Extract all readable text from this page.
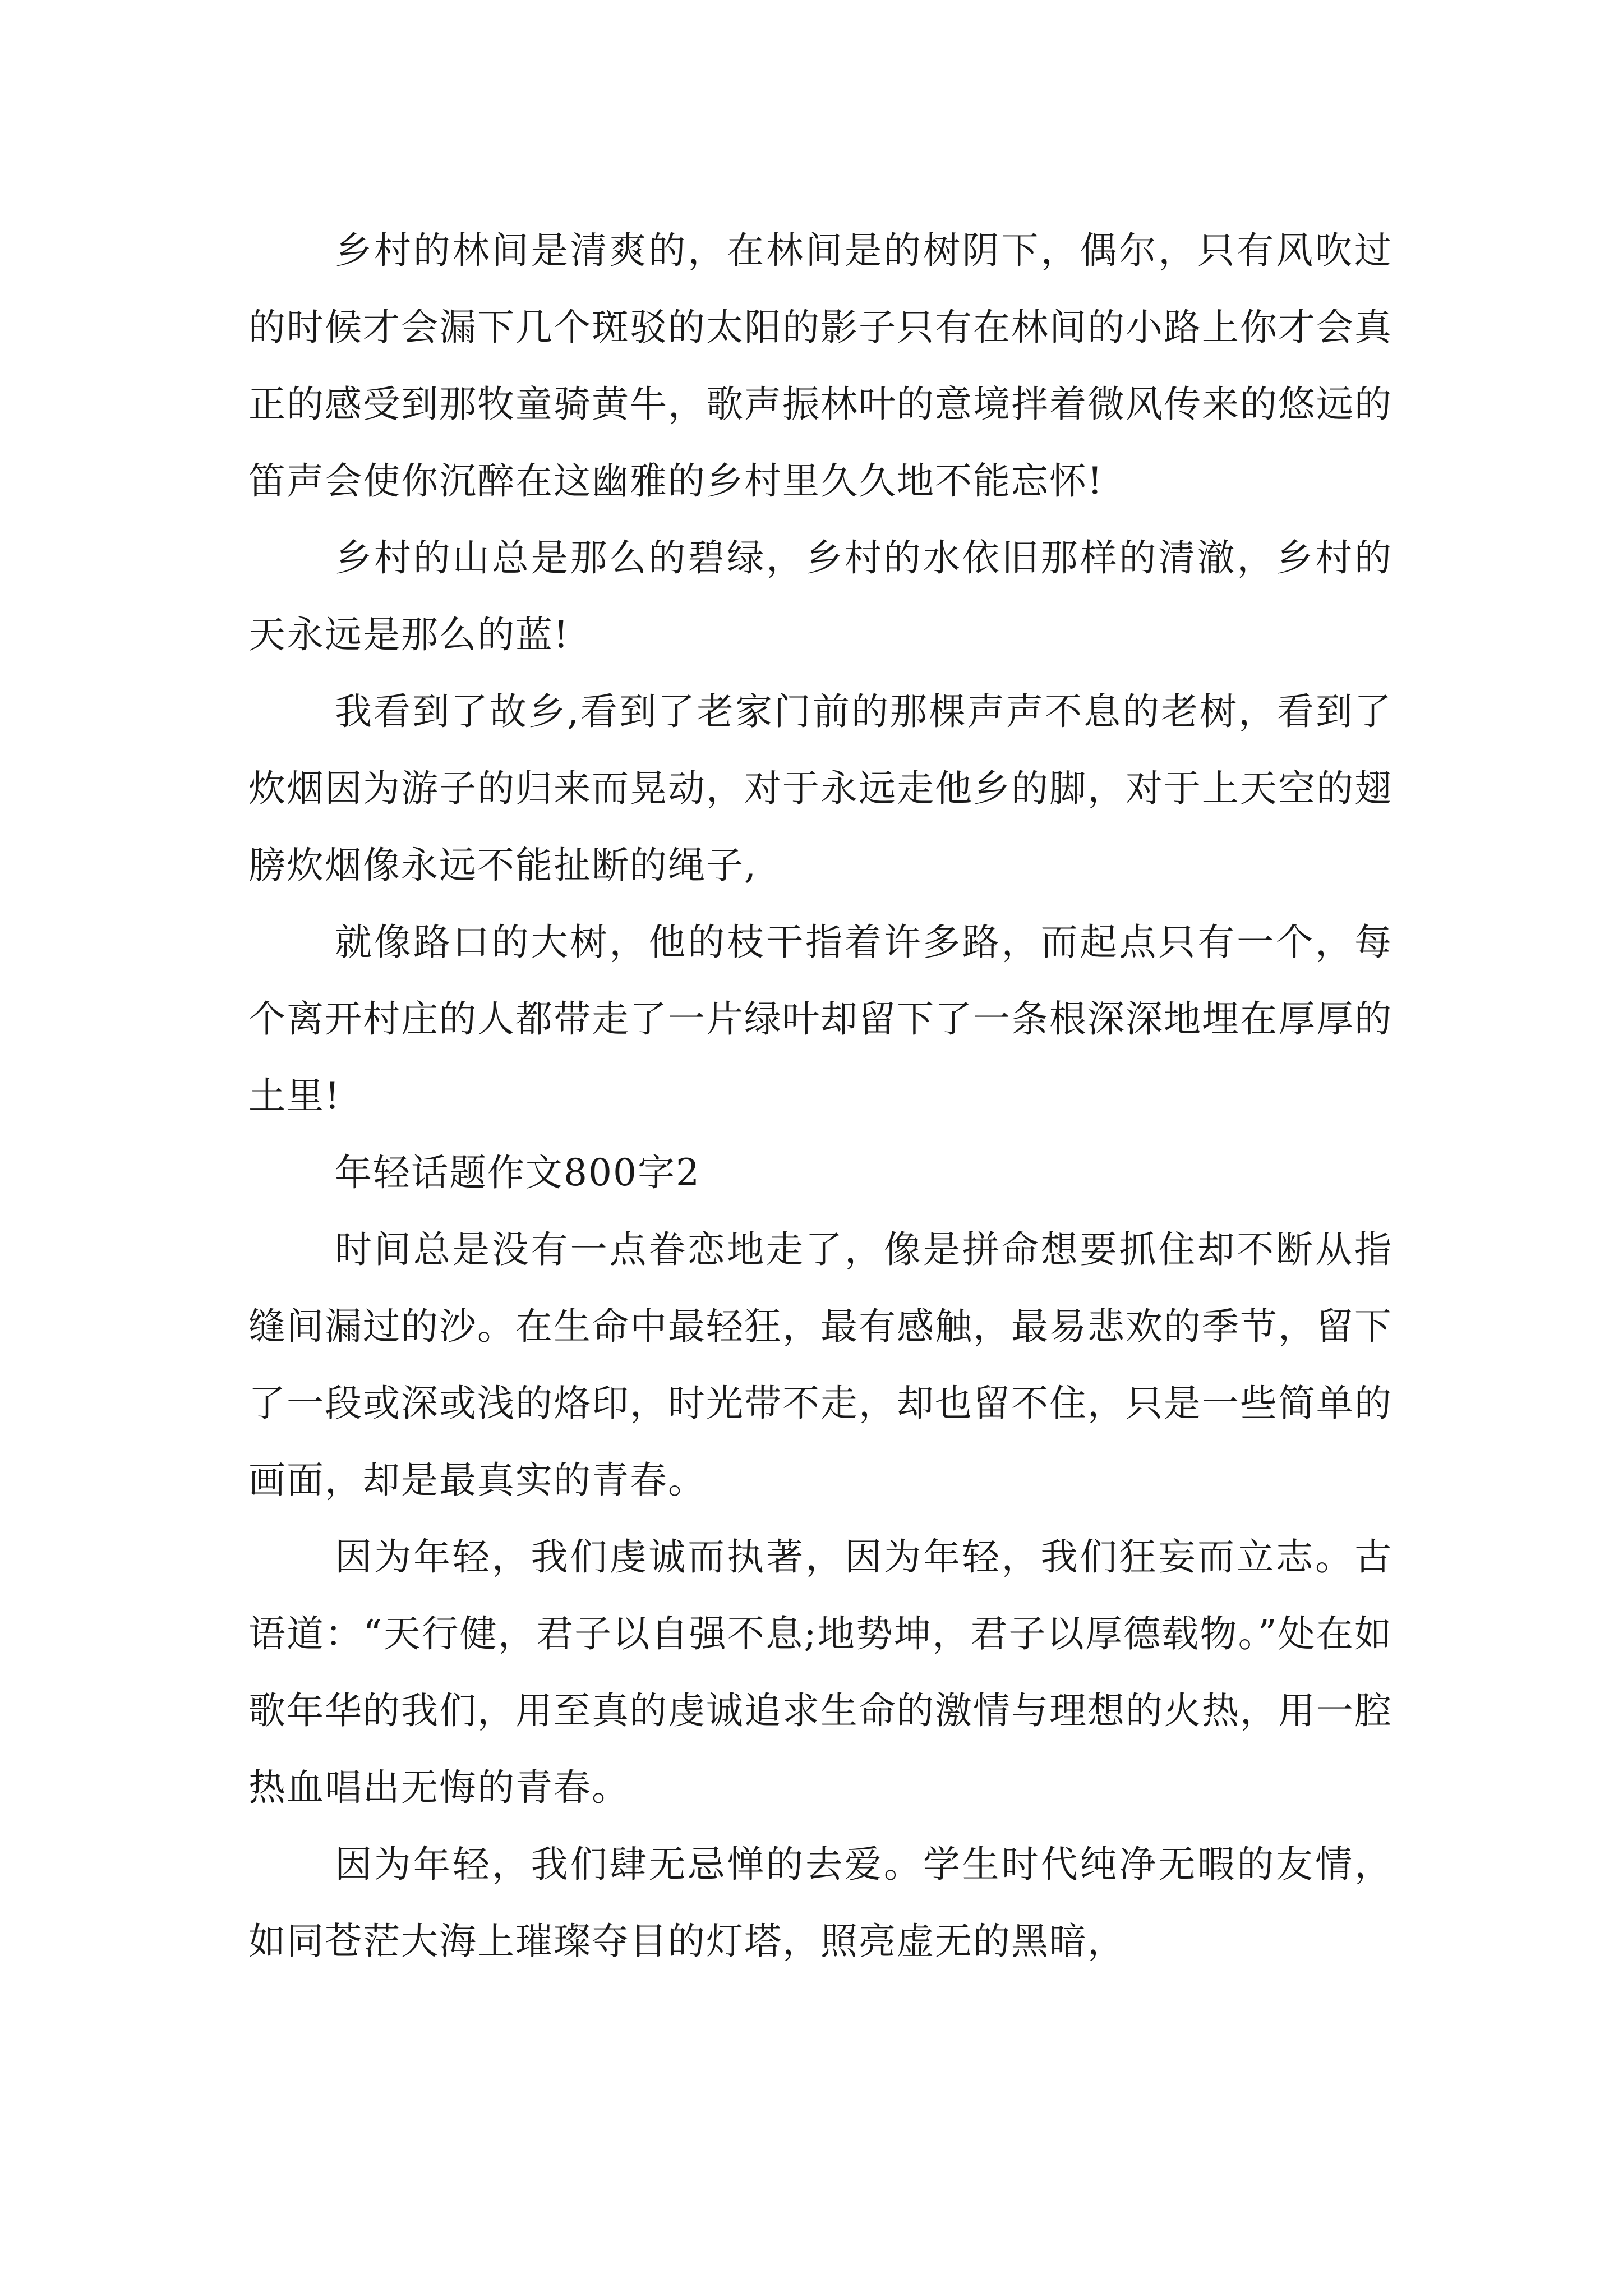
乡村的林间是清爽的，在林间是的树阴下，偶尔，只有风吹过的时候才会漏下几个斑驳的太阳的影子只有在林间的小路上你才会真正的感受到那牧童骑黄牛，歌声振林叶的意境拌着微风传来的悠远的笛声会使你沉醉在这幽雅的乡村里久久地不能忘怀!

乡村的山总是那么的碧绿，乡村的水依旧那样的清澈，乡村的天永远是那么的蓝!

我看到了故乡,看到了老家门前的那棵声声不息的老树，看到了炊烟因为游子的归来而晃动，对于永远走他乡的脚，对于上天空的翅膀炊烟像永远不能扯断的绳子,

就像路口的大树，他的枝干指着许多路，而起点只有一个，每个离开村庄的人都带走了一片绿叶却留下了一条根深深地埋在厚厚的土里!

年轻话题作文800字2

时间总是没有一点眷恋地走了，像是拼命想要抓住却不断从指缝间漏过的沙。在生命中最轻狂，最有感触，最易悲欢的季节，留下了一段或深或浅的烙印，时光带不走，却也留不住，只是一些简单的画面，却是最真实的青春。

因为年轻，我们虔诚而执著，因为年轻，我们狂妄而立志。古语道：“天行健，君子以自强不息;地势坤，君子以厚德载物。”处在如歌年华的我们，用至真的虔诚追求生命的激情与理想的火热，用一腔热血唱出无悔的青春。

因为年轻，我们肆无忌惮的去爱。学生时代纯净无暇的友情，如同苍茫大海上璀璨夺目的灯塔，照亮虚无的黑暗，
